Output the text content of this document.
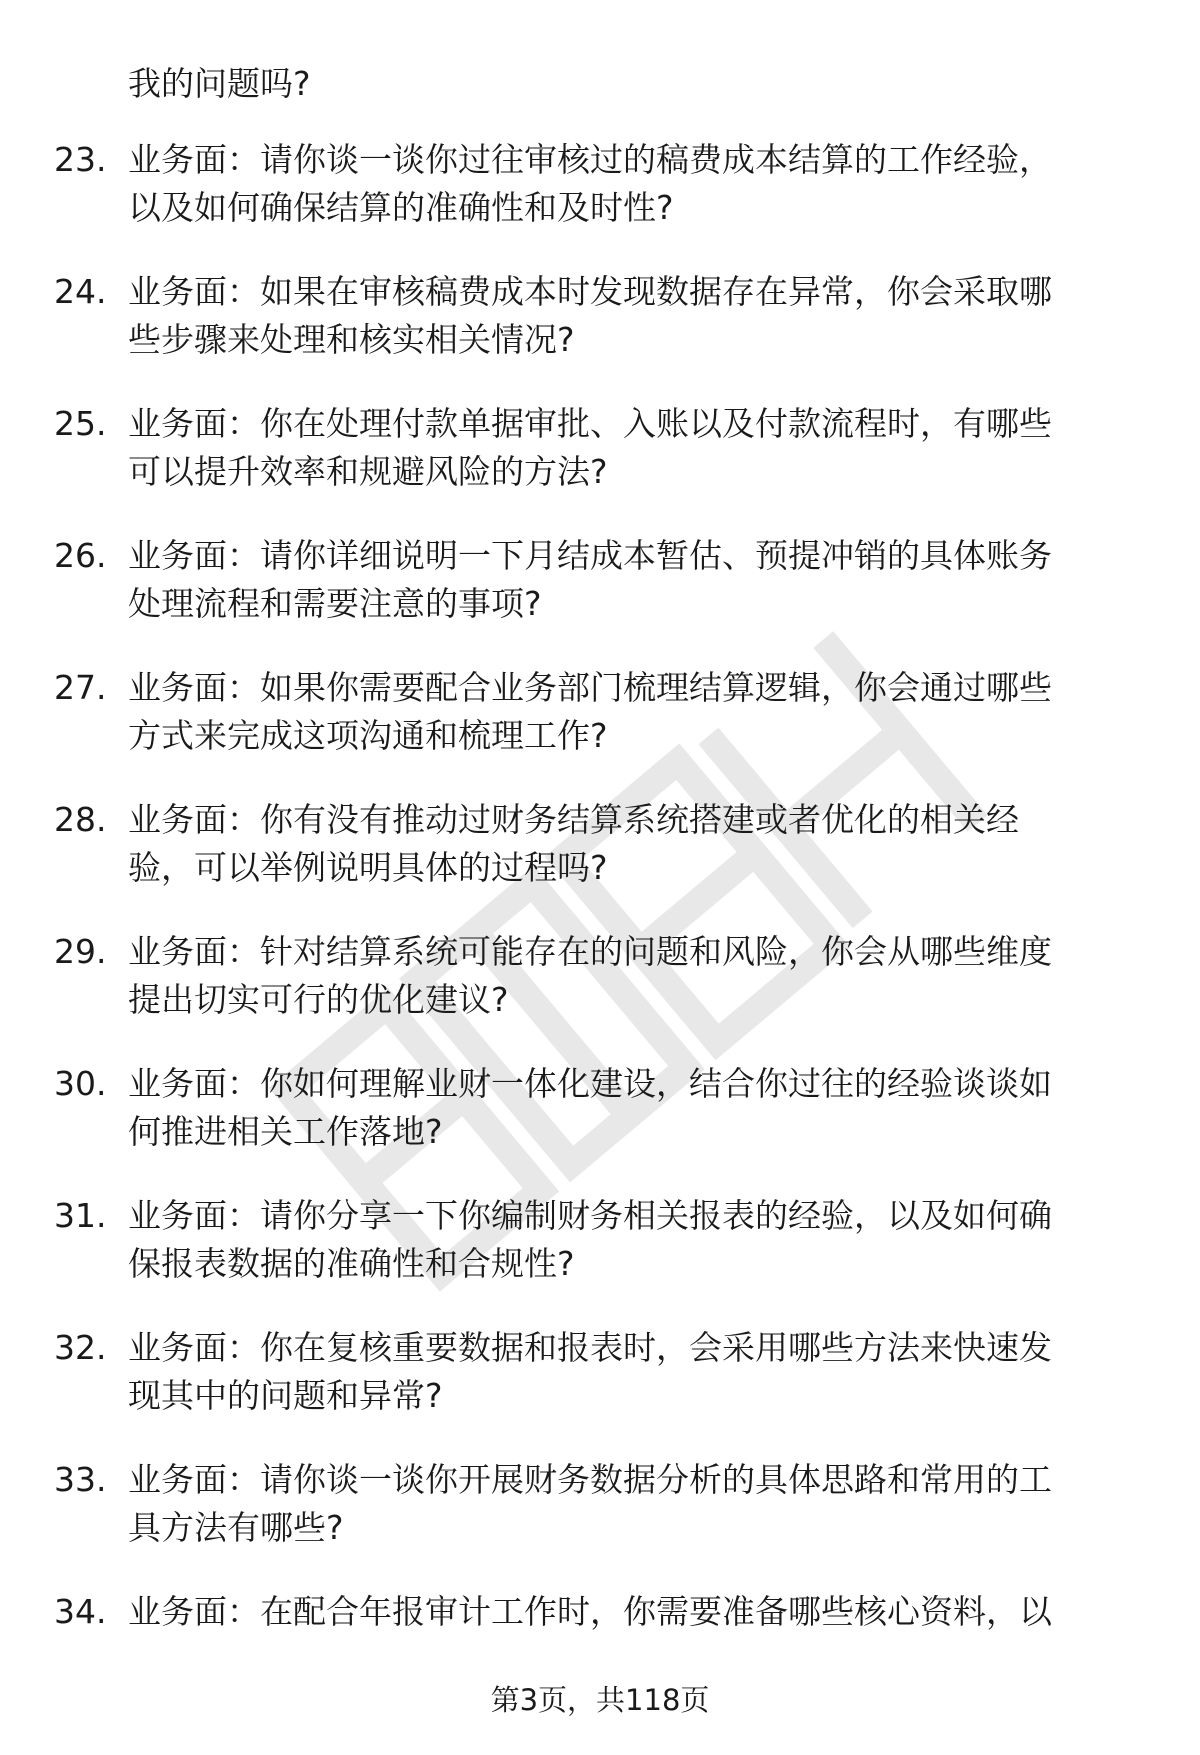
我的问题吗?
23. 业务面：请你谈一谈你过往审核过的稿费成本结算的工作经验，
以及如何确保结算的准确性和及时性?
24. 业务面：如果在审核稿费成本时发现数据存在异常，你会采取哪
些步骤来处理和核实相关情况?
25. 业务面：你在处理付款单据审批、入账以及付款流程时，有哪些
可以提升效率和规避风险的方法?
26. 业务面：请你详细说明一下月结成本暂估、预提冲销的具体账务
处理流程和需要注意的事项?
27. 业务面：如果你需要配合业务部门梳理结算逻辑，你会通过哪些
方式来完成这项沟通和梳理工作?
28. 业务面：你有没有推动过财务结算系统搭建或者优化的相关经
验，可以举例说明具体的过程吗?
29. 业务面：针对结算系统可能存在的问题和风险，你会从哪些维度
提出切实可行的优化建议?
30. 业务面：你如何理解业财一体化建设，结合你过往的经验谈谈如
何推进相关工作落地?
31. 业务面：请你分享一下你编制财务相关报表的经验，以及如何确
保报表数据的准确性和合规性?
32. 业务面：你在复核重要数据和报表时，会采用哪些方法来快速发
现其中的问题和异常?
33. 业务面：请你谈一谈你开展财务数据分析的具体思路和常用的工
具方法有哪些?
34. 业务面：在配合年报审计工作时，你需要准备哪些核心资料，以
第3页，共118页
